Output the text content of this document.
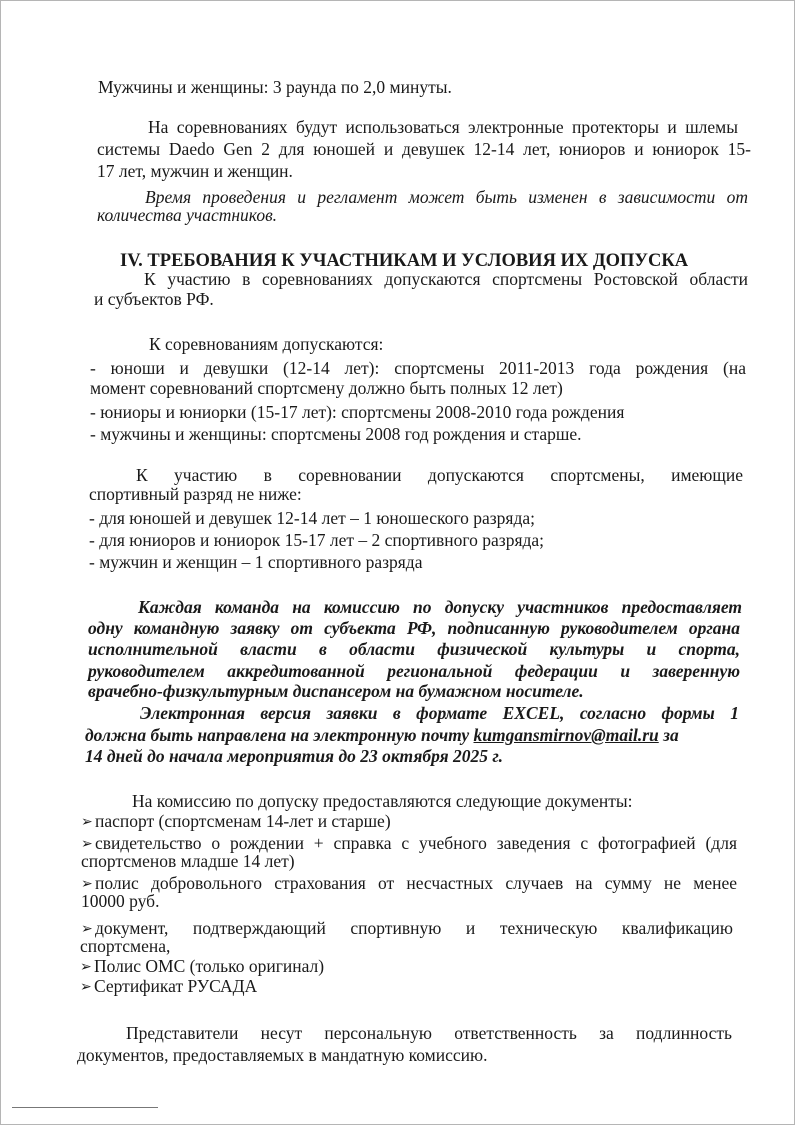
Мужчины и женщины: 3 раунда по 2,0 минуты.
На соревнованиях будут использоваться электронные протекторы и шлемы
системы Daedo Gen 2 для юношей и девушек 12-14 лет, юниоров и юниорок 15-
17 лет, мужчин и женщин.
Время проведения и регламент может быть изменен в зависимости от
количества участников.
IV. ТРЕБОВАНИЯ К УЧАСТНИКАМ И УСЛОВИЯ ИХ ДОПУСКА
К участию в соревнованиях допускаются спортсмены Ростовской области
и субъектов РФ.
К соревнованиям допускаются:
- юноши и девушки (12-14 лет): спортсмены 2011-2013 года рождения (на
момент соревнований спортсмену должно быть полных 12 лет)
- юниоры и юниорки (15-17 лет): спортсмены 2008-2010 года рождения
- мужчины и женщины: спортсмены 2008 год рождения и старше.
К участию в соревновании допускаются спортсмены, имеющие
спортивный разряд не ниже:
- для юношей и девушек 12-14 лет – 1 юношеского разряда;
- для юниоров и юниорок 15-17 лет – 2 спортивного разряда;
- мужчин и женщин – 1 спортивного разряда
Каждая команда на комиссию по допуску участников предоставляет
одну командную заявку от субъекта РФ, подписанную руководителем органа
исполнительной власти в области физической культуры и спорта,
руководителем аккредитованной региональной федерации и заверенную
врачебно-физкультурным диспансером на бумажном носителе.
Электронная версия заявки в формате EXCEL, согласно формы 1
должна быть направлена на электронную почту kumgansmirnov@mail.ru за
14 дней до начала мероприятия до 23 октября 2025 г.
На комиссию по допуску предоставляются следующие документы:
➢ паспорт (спортсменам 14-лет и старше)
➢ свидетельство о рождении + справка с учебного заведения с фотографией (для
спортсменов младше 14 лет)
➢ полис добровольного страхования от несчастных случаев на сумму не менее
10000 руб.
➢ документ, подтверждающий спортивную и техническую квалификацию
спортсмена,
➢ Полис ОМС (только оригинал)
➢ Сертификат РУСАДА
Представители несут персональную ответственность за подлинность
документов, предоставляемых в мандатную комиссию.
